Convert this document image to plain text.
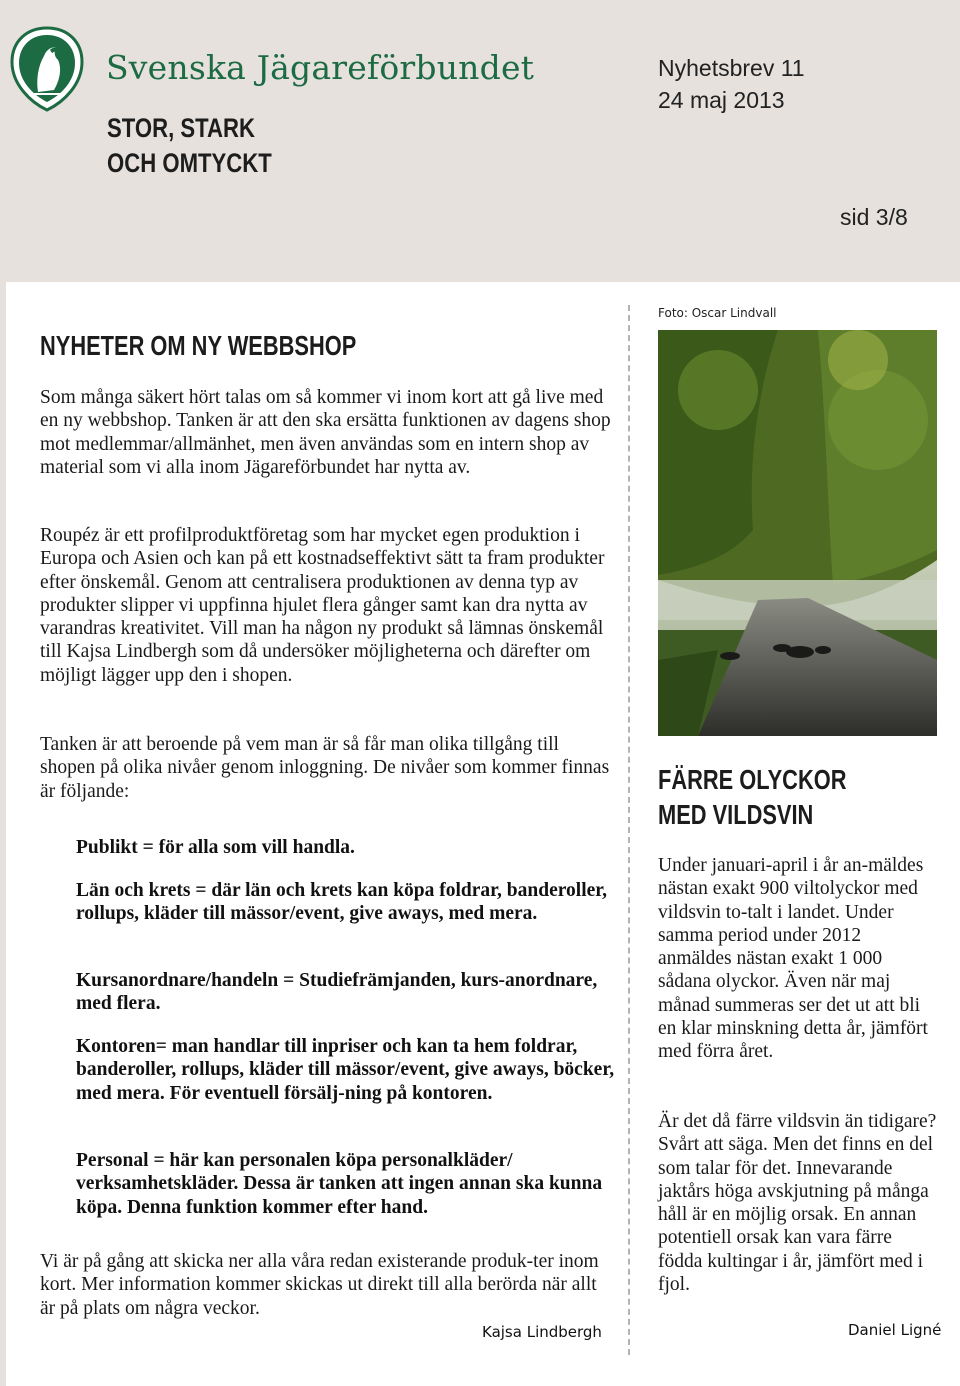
Svenska Jägareförbundet
STOR, STARK
OCH OMTYCKT
Nyhetsbrev 11
24 maj 2013
sid 3/8
NYHETER OM NY WEBBSHOP
Som många säkert hört talas om så kommer vi inom kort att gå live med en ny webbshop. Tanken är att den ska ersätta funktionen av dagens shop mot medlemmar/allmänhet, men även användas som en intern shop av material som vi alla inom Jägareförbundet har nytta av.
Roupéz är ett profilproduktföretag som har mycket egen produktion i Europa och Asien och kan på ett kostnadseffektivt sätt ta fram produkter efter önskemål. Genom att centralisera produktionen av denna typ av produkter slipper vi uppfinna hjulet flera gånger samt kan dra nytta av varandras kreativitet. Vill man ha någon ny produkt så lämnas önskemål till Kajsa Lindbergh som då undersöker möjligheterna och därefter om möjligt lägger upp den i shopen.
Tanken är att beroende på vem man är så får man olika tillgång till shopen på olika nivåer genom inloggning. De nivåer som kommer finnas är följande:
Publikt = för alla som vill handla.
Län och krets = där län och krets kan köpa foldrar, banderoller, rollups, kläder till mässor/event, give aways, med mera.
Kursanordnare/handeln = Studiefrämjanden, kurs-anordnare, med flera.
Kontoren= man handlar till inpriser och kan ta hem foldrar, banderoller, rollups, kläder till mässor/event, give aways, böcker, med mera. För eventuell försälj-ning på kontoren.
Personal = här kan personalen köpa personalkläder/ verksamhetskläder. Dessa är tanken att ingen annan ska kunna köpa. Denna funktion kommer efter hand.
Vi är på gång att skicka ner alla våra redan existerande produk-ter inom kort. Mer information kommer skickas ut direkt till alla berörda när allt är på plats om några veckor.
Kajsa Lindbergh
Foto: Oscar Lindvall
FÄRRE OLYCKOR
MED VILDSVIN
Under januari-april i år an-mäldes nästan exakt 900 viltolyckor med vildsvin to-talt i landet. Under samma period under 2012 anmäldes nästan exakt 1 000 sådana olyckor. Även när maj månad summeras ser det ut att bli en klar minskning detta år, jämfört med förra året.
Är det då färre vildsvin än tidigare? Svårt att säga. Men det finns en del som talar för det. Innevarande jaktårs höga avskjutning på många håll är en möjlig orsak. En annan potentiell orsak kan vara färre födda kultingar i år, jämfört med i fjol.
Daniel Ligné
